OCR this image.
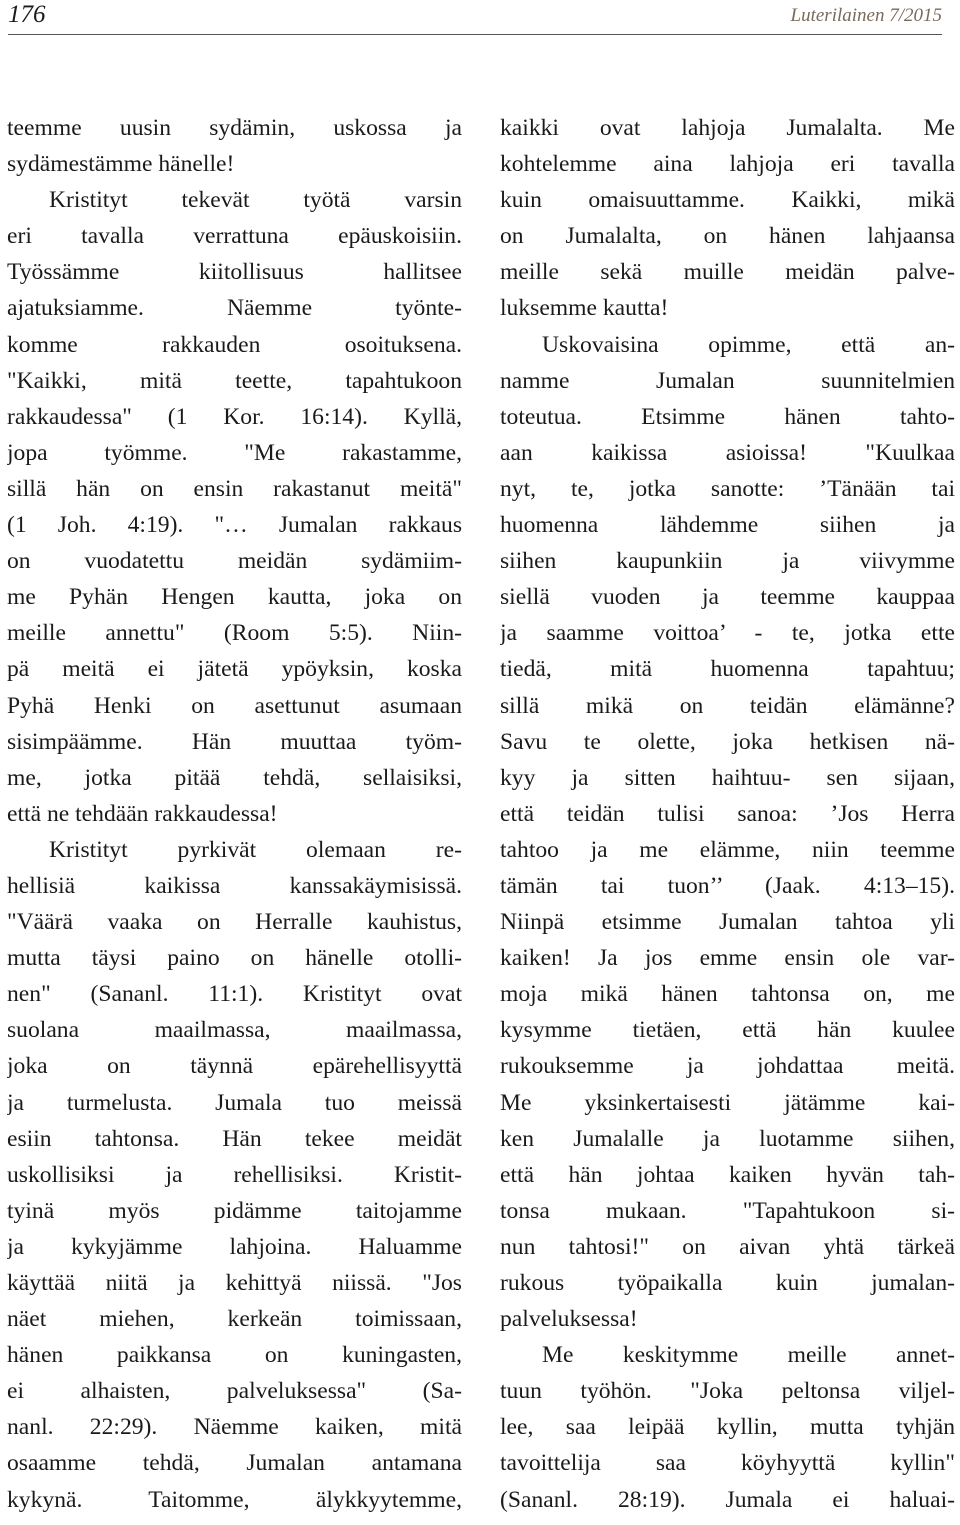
176	Luterilainen 7/2015
teemme uusin sydämin, uskossa ja
sydämestämme hänelle!
Kristityt tekevät työtä varsin
eri tavalla verrattuna epäuskoisiin.
Työssämme kiitollisuus hallitsee
ajatuksiamme. Näemme työnte-
komme rakkauden osoituksena.
"Kaikki, mitä teette, tapahtukoon
rakkaudessa" (1 Kor. 16:14). Kyllä,
jopa työmme. "Me rakastamme,
sillä hän on ensin rakastanut meitä"
(1 Joh. 4:19). "… Jumalan rakkaus
on vuodatettu meidän sydämiim-
me Pyhän Hengen kautta, joka on
meille annettu" (Room 5:5). Niin-
pä meitä ei jätetä ypöyksin, koska
Pyhä Henki on asettunut asumaan
sisimpäämme. Hän muuttaa työm-
me, jotka pitää tehdä, sellaisiksi,
että ne tehdään rakkaudessa!
Kristityt pyrkivät olemaan re-
hellisiä kaikissa kanssakäymisissä.
"Väärä vaaka on Herralle kauhistus,
mutta täysi paino on hänelle otolli-
nen" (Sananl. 11:1). Kristityt ovat
suolana maailmassa, maailmassa,
joka on täynnä epärehellisyyttä
ja turmelusta. Jumala tuo meissä
esiin tahtonsa. Hän tekee meidät
uskollisiksi ja rehellisiksi. Kristit-
tyinä myös pidämme taitojamme
ja kykyjämme lahjoina. Haluamme
käyttää niitä ja kehittyä niissä. "Jos
näet miehen, kerkeän toimissaan,
hänen paikkansa on kuningasten,
ei alhaisten, palveluksessa" (Sa-
nanl. 22:29). Näemme kaiken, mitä
osaamme tehdä, Jumalan antamana
kykynä. Taitomme, älykkyytemme,
kaikki ovat lahjoja Jumalalta. Me
kohtelemme aina lahjoja eri tavalla
kuin omaisuuttamme. Kaikki, mikä
on Jumalalta, on hänen lahjaansa
meille sekä muille meidän palve-
luksemme kautta!
Uskovaisina opimme, että an-
namme Jumalan suunnitelmien
toteutua. Etsimme hänen tahto-
aan kaikissa asioissa! "Kuulkaa
nyt, te, jotka sanotte: ’Tänään tai
huomenna lähdemme siihen ja
siihen kaupunkiin ja viivymme
siellä vuoden ja teemme kauppaa
ja saamme voittoa’ - te, jotka ette
tiedä, mitä huomenna tapahtuu;
sillä mikä on teidän elämänne?
Savu te olette, joka hetkisen nä-
kyy ja sitten haihtuu- sen sijaan,
että teidän tulisi sanoa: ’Jos Herra
tahtoo ja me elämme, niin teemme
tämän tai tuon’’ (Jaak. 4:13–15).
Niinpä etsimme Jumalan tahtoa yli
kaiken! Ja jos emme ensin ole var-
moja mikä hänen tahtonsa on, me
kysymme tietäen, että hän kuulee
rukouksemme ja johdattaa meitä.
Me yksinkertaisesti jätämme kai-
ken Jumalalle ja luotamme siihen,
että hän johtaa kaiken hyvän tah-
tonsa mukaan. "Tapahtukoon si-
nun tahtosi!" on aivan yhtä tärkeä
rukous työpaikalla kuin jumalan-
palveluksessa!
Me keskitymme meille annet-
tuun työhön. "Joka peltonsa viljel-
lee, saa leipää kyllin, mutta tyhjän
tavoittelija saa köyhyyttä kyllin"
(Sananl. 28:19). Jumala ei haluai-
